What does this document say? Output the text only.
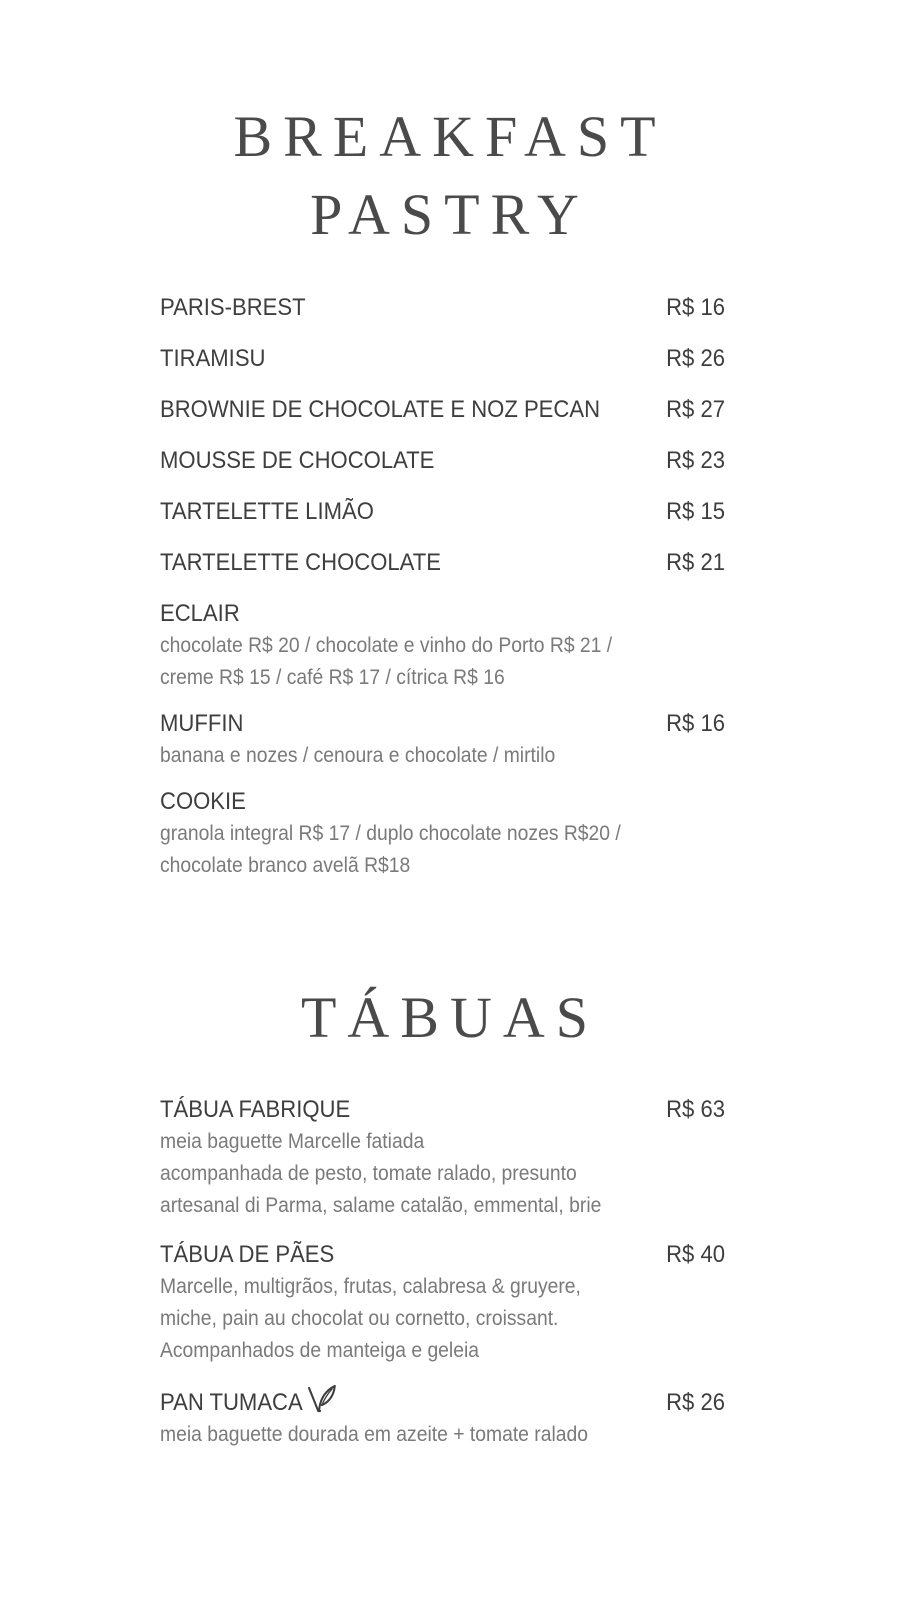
BREAKFAST
PASTRY
PARIS-BREST	R$ 16
TIRAMISU	R$ 26
BROWNIE DE CHOCOLATE E NOZ PECAN	R$ 27
MOUSSE DE CHOCOLATE	R$ 23
TARTELETTE LIMÃO	R$ 15
TARTELETTE CHOCOLATE	R$ 21
ECLAIR
chocolate R$ 20 / chocolate e vinho do Porto R$ 21 /
creme R$ 15 / café R$ 17 / cítrica R$ 16
MUFFIN	R$ 16
banana e nozes / cenoura e chocolate / mirtilo
COOKIE
granola integral R$ 17 / duplo chocolate nozes R$20 /
chocolate branco avelã R$18
TÁBUAS
TÁBUA FABRIQUE	R$ 63
meia baguette Marcelle fatiada
acompanhada de pesto, tomate ralado, presunto
artesanal di Parma, salame catalão, emmental, brie
TÁBUA DE PÃES	R$ 40
Marcelle, multigrãos, frutas, calabresa & gruyere,
miche, pain au chocolat ou cornetto, croissant.
Acompanhados de manteiga e geleia
PAN TUMACA	R$ 26
meia baguette dourada em azeite + tomate ralado
